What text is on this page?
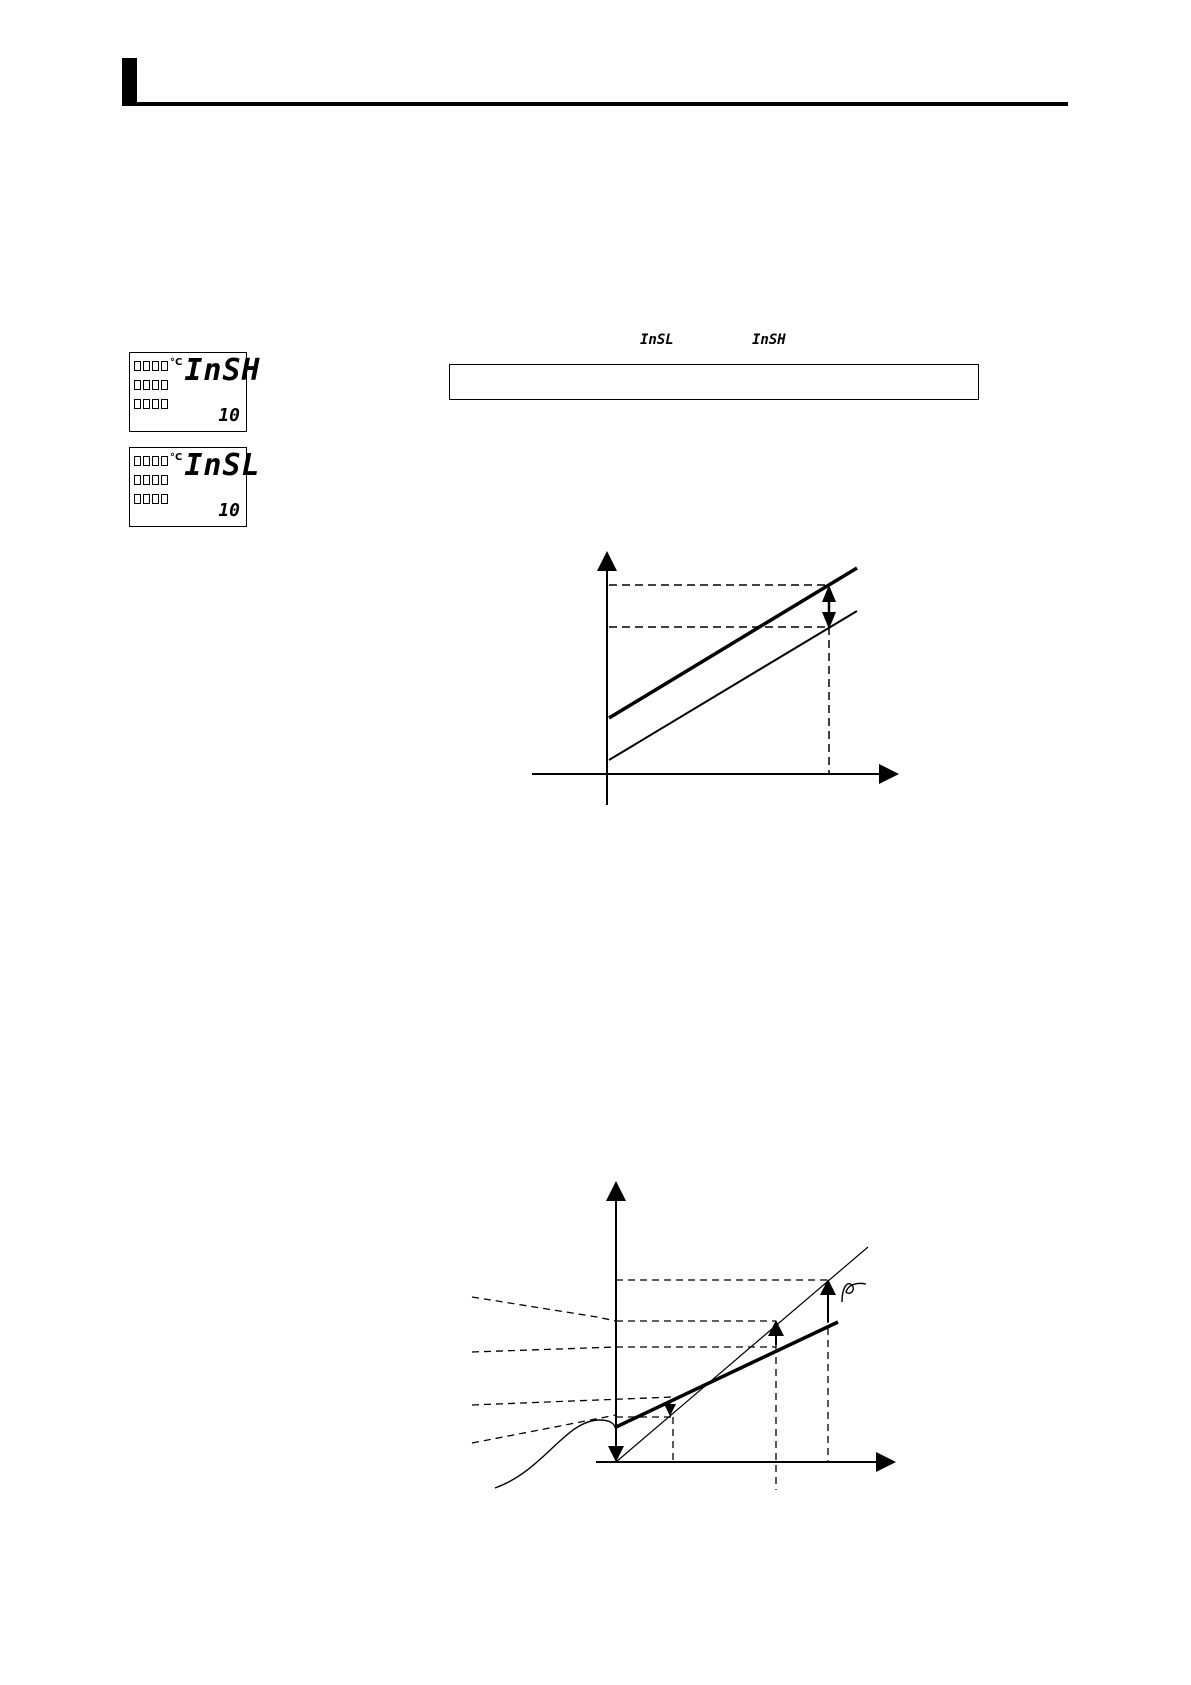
°C InSH
10
°C InSL
10
InSL	InSH
